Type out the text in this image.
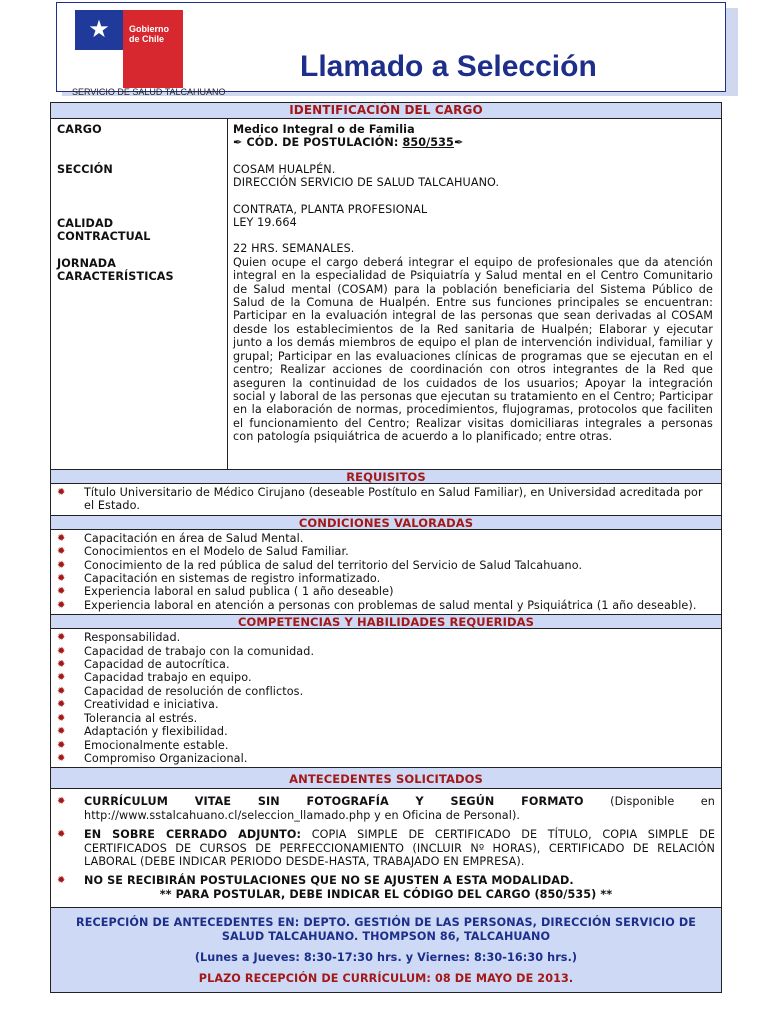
★	Gobierno
de Chile
SERVICIO DE SALUD TALCAHUANO
Llamado a Selección
IDENTIFICACIÓN DEL CARGO
CARGO
SECCIÓN
CALIDAD
CONTRACTUAL
JORNADA
CARACTERÍSTICAS
Medico Integral o de Familia
✒ CÓD. DE POSTULACIÓN: 850/535✒
COSAM HUALPÉN.
DIRECCIÓN SERVICIO DE SALUD TALCAHUANO.
CONTRATA, PLANTA PROFESIONAL
LEY 19.664
22 HRS. SEMANALES.

Quien ocupe el cargo deberá integrar el equipo de profesionales que da atención integral en la especialidad de Psiquiatría y Salud mental en el Centro Comunitario de Salud mental (COSAM) para la población beneficiaria del Sistema Público de Salud de la Comuna de Hualpén. Entre sus funciones principales se encuentran: Participar en la evaluación integral de las personas que sean derivadas al COSAM desde los establecimientos de la Red sanitaria de Hualpén; Elaborar y ejecutar junto a los demás miembros de equipo el plan de intervención individual, familiar y grupal; Participar en las evaluaciones clínicas de programas que se ejecutan en el centro; Realizar acciones de coordinación con otros integrantes de la Red que aseguren la continuidad de los cuidados de los usuarios; Apoyar la integración social y laboral de las personas que ejecutan su tratamiento en el Centro; Participar en la elaboración de normas, procedimientos, flujogramas, protocolos que faciliten el funcionamiento del Centro; Realizar visitas domiciliaras integrales a personas con patología psiquiátrica de acuerdo a lo planificado; entre otras.

REQUISITOS
✹ Título Universitario de Médico Cirujano (deseable Postítulo en Salud Familiar), en Universidad acreditada por el Estado.
CONDICIONES VALORADAS
✹ Capacitación en área de Salud Mental.
✹ Conocimientos en el Modelo de Salud Familiar.
✹ Conocimiento de la red pública de salud del territorio del Servicio de Salud Talcahuano.
✹ Capacitación en sistemas de registro informatizado.
✹ Experiencia laboral en salud publica ( 1 año deseable)
✹ Experiencia laboral en atención a personas con problemas de salud mental y Psiquiátrica (1 año deseable).
COMPETENCIAS Y HABILIDADES REQUERIDAS
✹ Responsabilidad.
✹ Capacidad de trabajo con la comunidad.
✹ Capacidad de autocrítica.
✹ Capacidad trabajo en equipo.
✹ Capacidad de resolución de conflictos.
✹ Creatividad e iniciativa.
✹ Tolerancia al estrés.
✹ Adaptación y flexibilidad.
✹ Emocionalmente estable.
✹ Compromiso Organizacional.
ANTECEDENTES SOLICITADOS
✹ CURRÍCULUM VITAE SIN FOTOGRAFÍA Y SEGÚN FORMATO (Disponible en http://www.sstalcahuano.cl/seleccion_llamado.php y en Oficina de Personal).
✹ EN SOBRE CERRADO ADJUNTO: COPIA SIMPLE DE CERTIFICADO DE TÍTULO, COPIA SIMPLE DE CERTIFICADOS DE CURSOS DE PERFECCIONAMIENTO (INCLUIR Nº HORAS), CERTIFICADO DE RELACIÓN LABORAL (DEBE INDICAR PERIODO DESDE-HASTA, TRABAJADO EN EMPRESA).
✹ NO SE RECIBIRÁN POSTULACIONES QUE NO SE AJUSTEN A ESTA MODALIDAD.
** PARA POSTULAR, DEBE INDICAR EL CÓDIGO DEL CARGO (850/535) **

RECEPCIÓN DE ANTECEDENTES EN: DEPTO. GESTIÓN DE LAS PERSONAS, DIRECCIÓN SERVICIO DE SALUD TALCAHUANO. THOMPSON 86, TALCAHUANO

(Lunes a Jueves: 8:30-17:30 hrs. y Viernes: 8:30-16:30 hrs.)

PLAZO RECEPCIÓN DE CURRÍCULUM: 08 DE MAYO DE 2013.
